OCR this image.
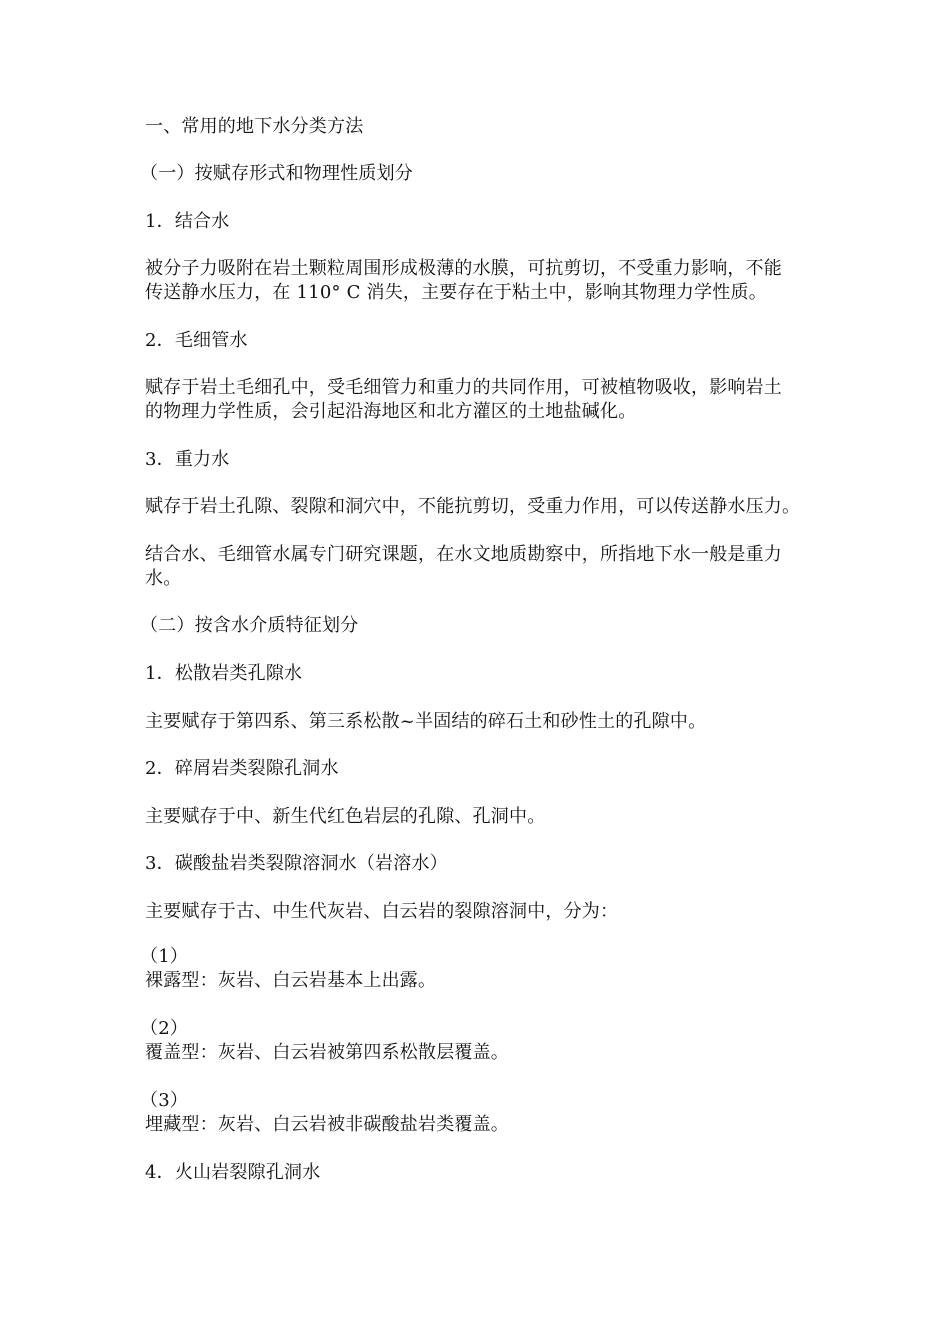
一、常用的地下水分类方法
（一）按赋存形式和物理性质划分
1．结合水
被分子力吸附在岩土颗粒周围形成极薄的水膜，可抗剪切，不受重力影响，不能
传送静水压力，在 110° C 消失，主要存在于粘土中，影响其物理力学性质。
2．毛细管水
赋存于岩土毛细孔中，受毛细管力和重力的共同作用，可被植物吸收，影响岩土
的物理力学性质，会引起沿海地区和北方灌区的土地盐碱化。
3．重力水
赋存于岩土孔隙、裂隙和洞穴中，不能抗剪切，受重力作用，可以传送静水压力。
结合水、毛细管水属专门研究课题，在水文地质勘察中，所指地下水一般是重力
水。
（二）按含水介质特征划分
1．松散岩类孔隙水
主要赋存于第四系、第三系松散~半固结的碎石土和砂性土的孔隙中。
2．碎屑岩类裂隙孔洞水
主要赋存于中、新生代红色岩层的孔隙、孔洞中。
3．碳酸盐岩类裂隙溶洞水（岩溶水）
主要赋存于古、中生代灰岩、白云岩的裂隙溶洞中，分为：
（1）
裸露型：灰岩、白云岩基本上出露。
（2）
覆盖型：灰岩、白云岩被第四系松散层覆盖。
（3）
埋藏型：灰岩、白云岩被非碳酸盐岩类覆盖。
4．火山岩裂隙孔洞水
